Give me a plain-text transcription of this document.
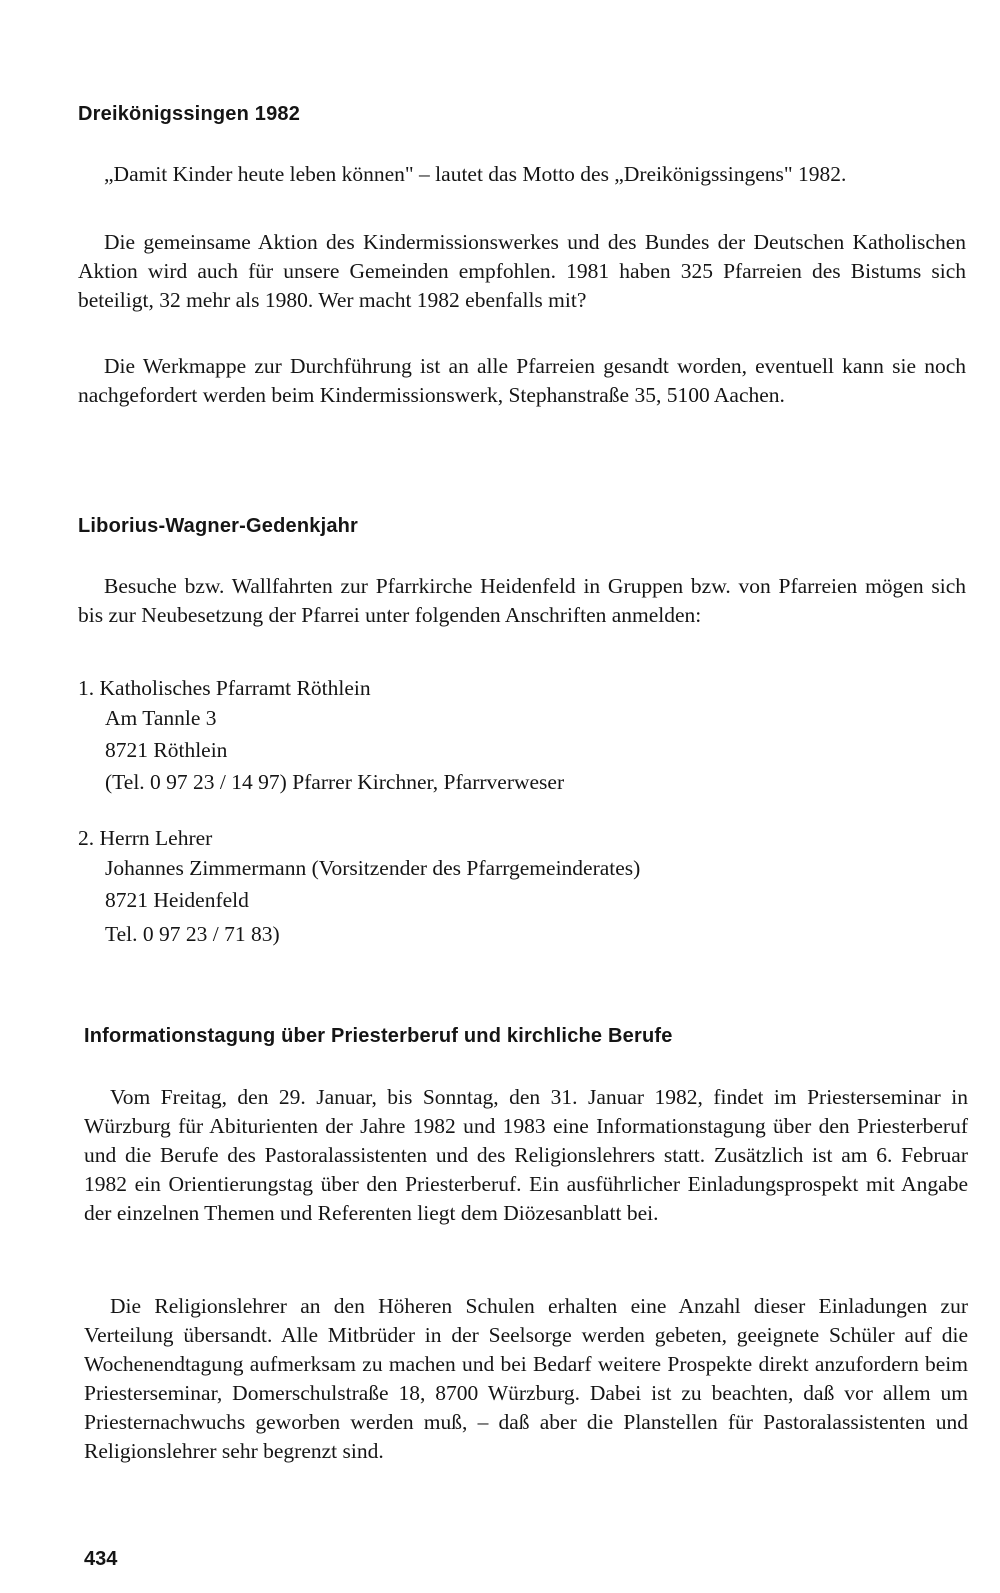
Dreikönigssingen 1982

„Damit Kinder heute leben können" – lautet das Motto des „Dreikönigssingens" 1982.

Die gemeinsame Aktion des Kindermissionswerkes und des Bundes der Deutschen Katholischen Aktion wird auch für unsere Gemeinden empfohlen. 1981 haben 325 Pfarreien des Bistums sich beteiligt, 32 mehr als 1980. Wer macht 1982 ebenfalls mit?

Die Werkmappe zur Durchführung ist an alle Pfarreien gesandt worden, eventuell kann sie noch nachgefordert werden beim Kindermissionswerk, Stephanstraße 35, 5100 Aachen.

Liborius-Wagner-Gedenkjahr

Besuche bzw. Wallfahrten zur Pfarrkirche Heidenfeld in Gruppen bzw. von Pfarreien mögen sich bis zur Neubesetzung der Pfarrei unter folgenden Anschriften anmelden:

1. Katholisches Pfarramt Röthlein

Am Tannle 3

8721 Röthlein

(Tel. 0 97 23 / 14 97) Pfarrer Kirchner, Pfarrverweser

2. Herrn Lehrer

Johannes Zimmermann (Vorsitzender des Pfarrgemeinderates)

8721 Heidenfeld

Tel. 0 97 23 / 71 83)

Informationstagung über Priesterberuf und kirchliche Berufe

Vom Freitag, den 29. Januar, bis Sonntag, den 31. Januar 1982, findet im Priesterseminar in Würzburg für Abiturienten der Jahre 1982 und 1983 eine Informationstagung über den Priesterberuf und die Berufe des Pastoralassistenten und des Religionslehrers statt. Zusätzlich ist am 6. Februar 1982 ein Orientierungstag über den Priesterberuf. Ein ausführlicher Einladungsprospekt mit Angabe der einzelnen Themen und Referenten liegt dem Diözesanblatt bei.

Die Religionslehrer an den Höheren Schulen erhalten eine Anzahl dieser Einladungen zur Verteilung übersandt. Alle Mitbrüder in der Seelsorge werden gebeten, geeignete Schüler auf die Wochenendtagung aufmerksam zu machen und bei Bedarf weitere Prospekte direkt anzufordern beim Priesterseminar, Domerschulstraße 18, 8700 Würzburg. Dabei ist zu beachten, daß vor allem um Priesternachwuchs geworben werden muß, – daß aber die Planstellen für Pastoralassistenten und Religionslehrer sehr begrenzt sind.

434
